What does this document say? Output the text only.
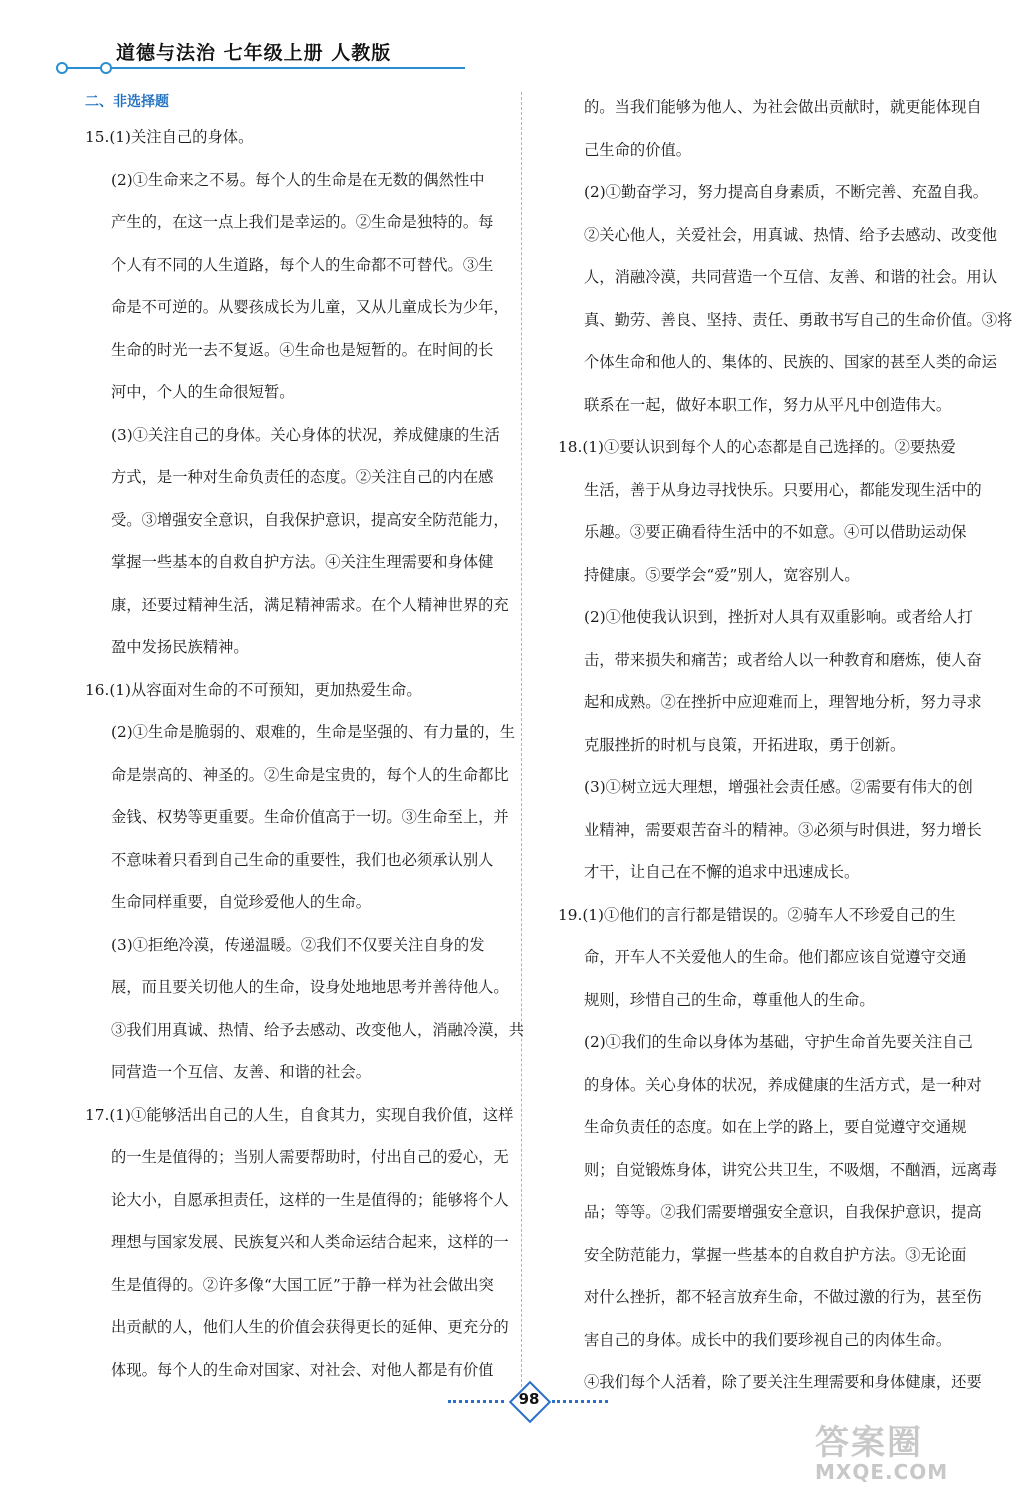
道德与法治 七年级上册 人教版
二、非选择题
15.(1)关注自己的身体。
(2)①生命来之不易。每个人的生命是在无数的偶然性中
产生的，在这一点上我们是幸运的。②生命是独特的。每
个人有不同的人生道路，每个人的生命都不可替代。③生
命是不可逆的。从婴孩成长为儿童，又从儿童成长为少年，
生命的时光一去不复返。④生命也是短暂的。在时间的长
河中，个人的生命很短暂。
(3)①关注自己的身体。关心身体的状况，养成健康的生活
方式，是一种对生命负责任的态度。②关注自己的内在感
受。③增强安全意识，自我保护意识，提高安全防范能力，
掌握一些基本的自救自护方法。④关注生理需要和身体健
康，还要过精神生活，满足精神需求。在个人精神世界的充
盈中发扬民族精神。
16.(1)从容面对生命的不可预知，更加热爱生命。
(2)①生命是脆弱的、艰难的，生命是坚强的、有力量的，生
命是崇高的、神圣的。②生命是宝贵的，每个人的生命都比
金钱、权势等更重要。生命价值高于一切。③生命至上，并
不意味着只看到自己生命的重要性，我们也必须承认别人
生命同样重要，自觉珍爱他人的生命。
(3)①拒绝冷漠，传递温暖。②我们不仅要关注自身的发
展，而且要关切他人的生命，设身处地地思考并善待他人。
③我们用真诚、热情、给予去感动、改变他人，消融冷漠，共
同营造一个互信、友善、和谐的社会。
17.(1)①能够活出自己的人生，自食其力，实现自我价值，这样
的一生是值得的；当别人需要帮助时，付出自己的爱心，无
论大小，自愿承担责任，这样的一生是值得的；能够将个人
理想与国家发展、民族复兴和人类命运结合起来，这样的一
生是值得的。②许多像“大国工匠”于静一样为社会做出突
出贡献的人，他们人生的价值会获得更长的延伸、更充分的
体现。每个人的生命对国家、对社会、对他人都是有价值
的。当我们能够为他人、为社会做出贡献时，就更能体现自
己生命的价值。
(2)①勤奋学习，努力提高自身素质，不断完善、充盈自我。
②关心他人，关爱社会，用真诚、热情、给予去感动、改变他
人，消融冷漠，共同营造一个互信、友善、和谐的社会。用认
真、勤劳、善良、坚持、责任、勇敢书写自己的生命价值。③将
个体生命和他人的、集体的、民族的、国家的甚至人类的命运
联系在一起，做好本职工作，努力从平凡中创造伟大。
18.(1)①要认识到每个人的心态都是自己选择的。②要热爱
生活，善于从身边寻找快乐。只要用心，都能发现生活中的
乐趣。③要正确看待生活中的不如意。④可以借助运动保
持健康。⑤要学会“爱”别人，宽容别人。
(2)①他使我认识到，挫折对人具有双重影响。或者给人打
击，带来损失和痛苦；或者给人以一种教育和磨炼，使人奋
起和成熟。②在挫折中应迎难而上，理智地分析，努力寻求
克服挫折的时机与良策，开拓进取，勇于创新。
(3)①树立远大理想，增强社会责任感。②需要有伟大的创
业精神，需要艰苦奋斗的精神。③必须与时俱进，努力增长
才干，让自己在不懈的追求中迅速成长。
19.(1)①他们的言行都是错误的。②骑车人不珍爱自己的生
命，开车人不关爱他人的生命。他们都应该自觉遵守交通
规则，珍惜自己的生命，尊重他人的生命。
(2)①我们的生命以身体为基础，守护生命首先要关注自己
的身体。关心身体的状况，养成健康的生活方式，是一种对
生命负责任的态度。如在上学的路上，要自觉遵守交通规
则；自觉锻炼身体，讲究公共卫生，不吸烟，不酗酒，远离毒
品；等等。②我们需要增强安全意识，自我保护意识，提高
安全防范能力，掌握一些基本的自救自护方法。③无论面
对什么挫折，都不轻言放弃生命，不做过激的行为，甚至伤
害自己的身体。成长中的我们要珍视自己的肉体生命。
④我们每个人活着，除了要关注生理需要和身体健康，还要
98
答案圈
MXQE.COM
